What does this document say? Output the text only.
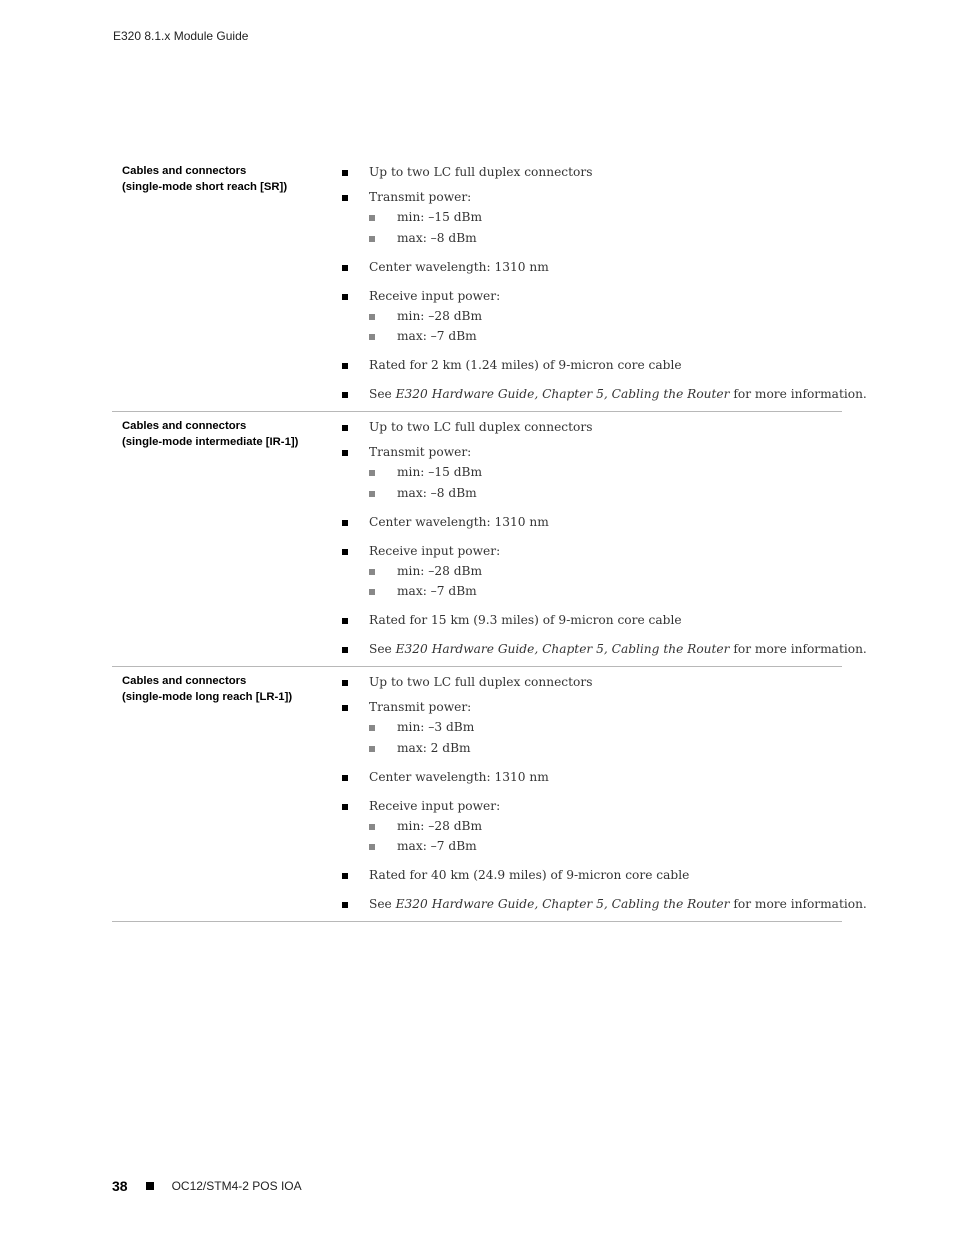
E320 8.1.x Module Guide
Cables and connectors
(single-mode short reach [SR])
Up to two LC full duplex connectors
Transmit power:
min: –15 dBm
max: –8 dBm
Center wavelength: 1310 nm
Receive input power:
min: –28 dBm
max: –7 dBm
Rated for 2 km (1.24 miles) of 9-micron core cable
See E320 Hardware Guide, Chapter 5, Cabling the Router for more information.
Cables and connectors
(single-mode intermediate [IR-1])
Up to two LC full duplex connectors
Transmit power:
min: –15 dBm
max: –8 dBm
Center wavelength: 1310 nm
Receive input power:
min: –28 dBm
max: –7 dBm
Rated for 15 km (9.3 miles) of 9-micron core cable
See E320 Hardware Guide, Chapter 5, Cabling the Router for more information.
Cables and connectors
(single-mode long reach [LR-1])
Up to two LC full duplex connectors
Transmit power:
min: –3 dBm
max: 2 dBm
Center wavelength: 1310 nm
Receive input power:
min: –28 dBm
max: –7 dBm
Rated for 40 km (24.9 miles) of 9-micron core cable
See E320 Hardware Guide, Chapter 5, Cabling the Router for more information.
38	OC12/STM4-2 POS IOA
